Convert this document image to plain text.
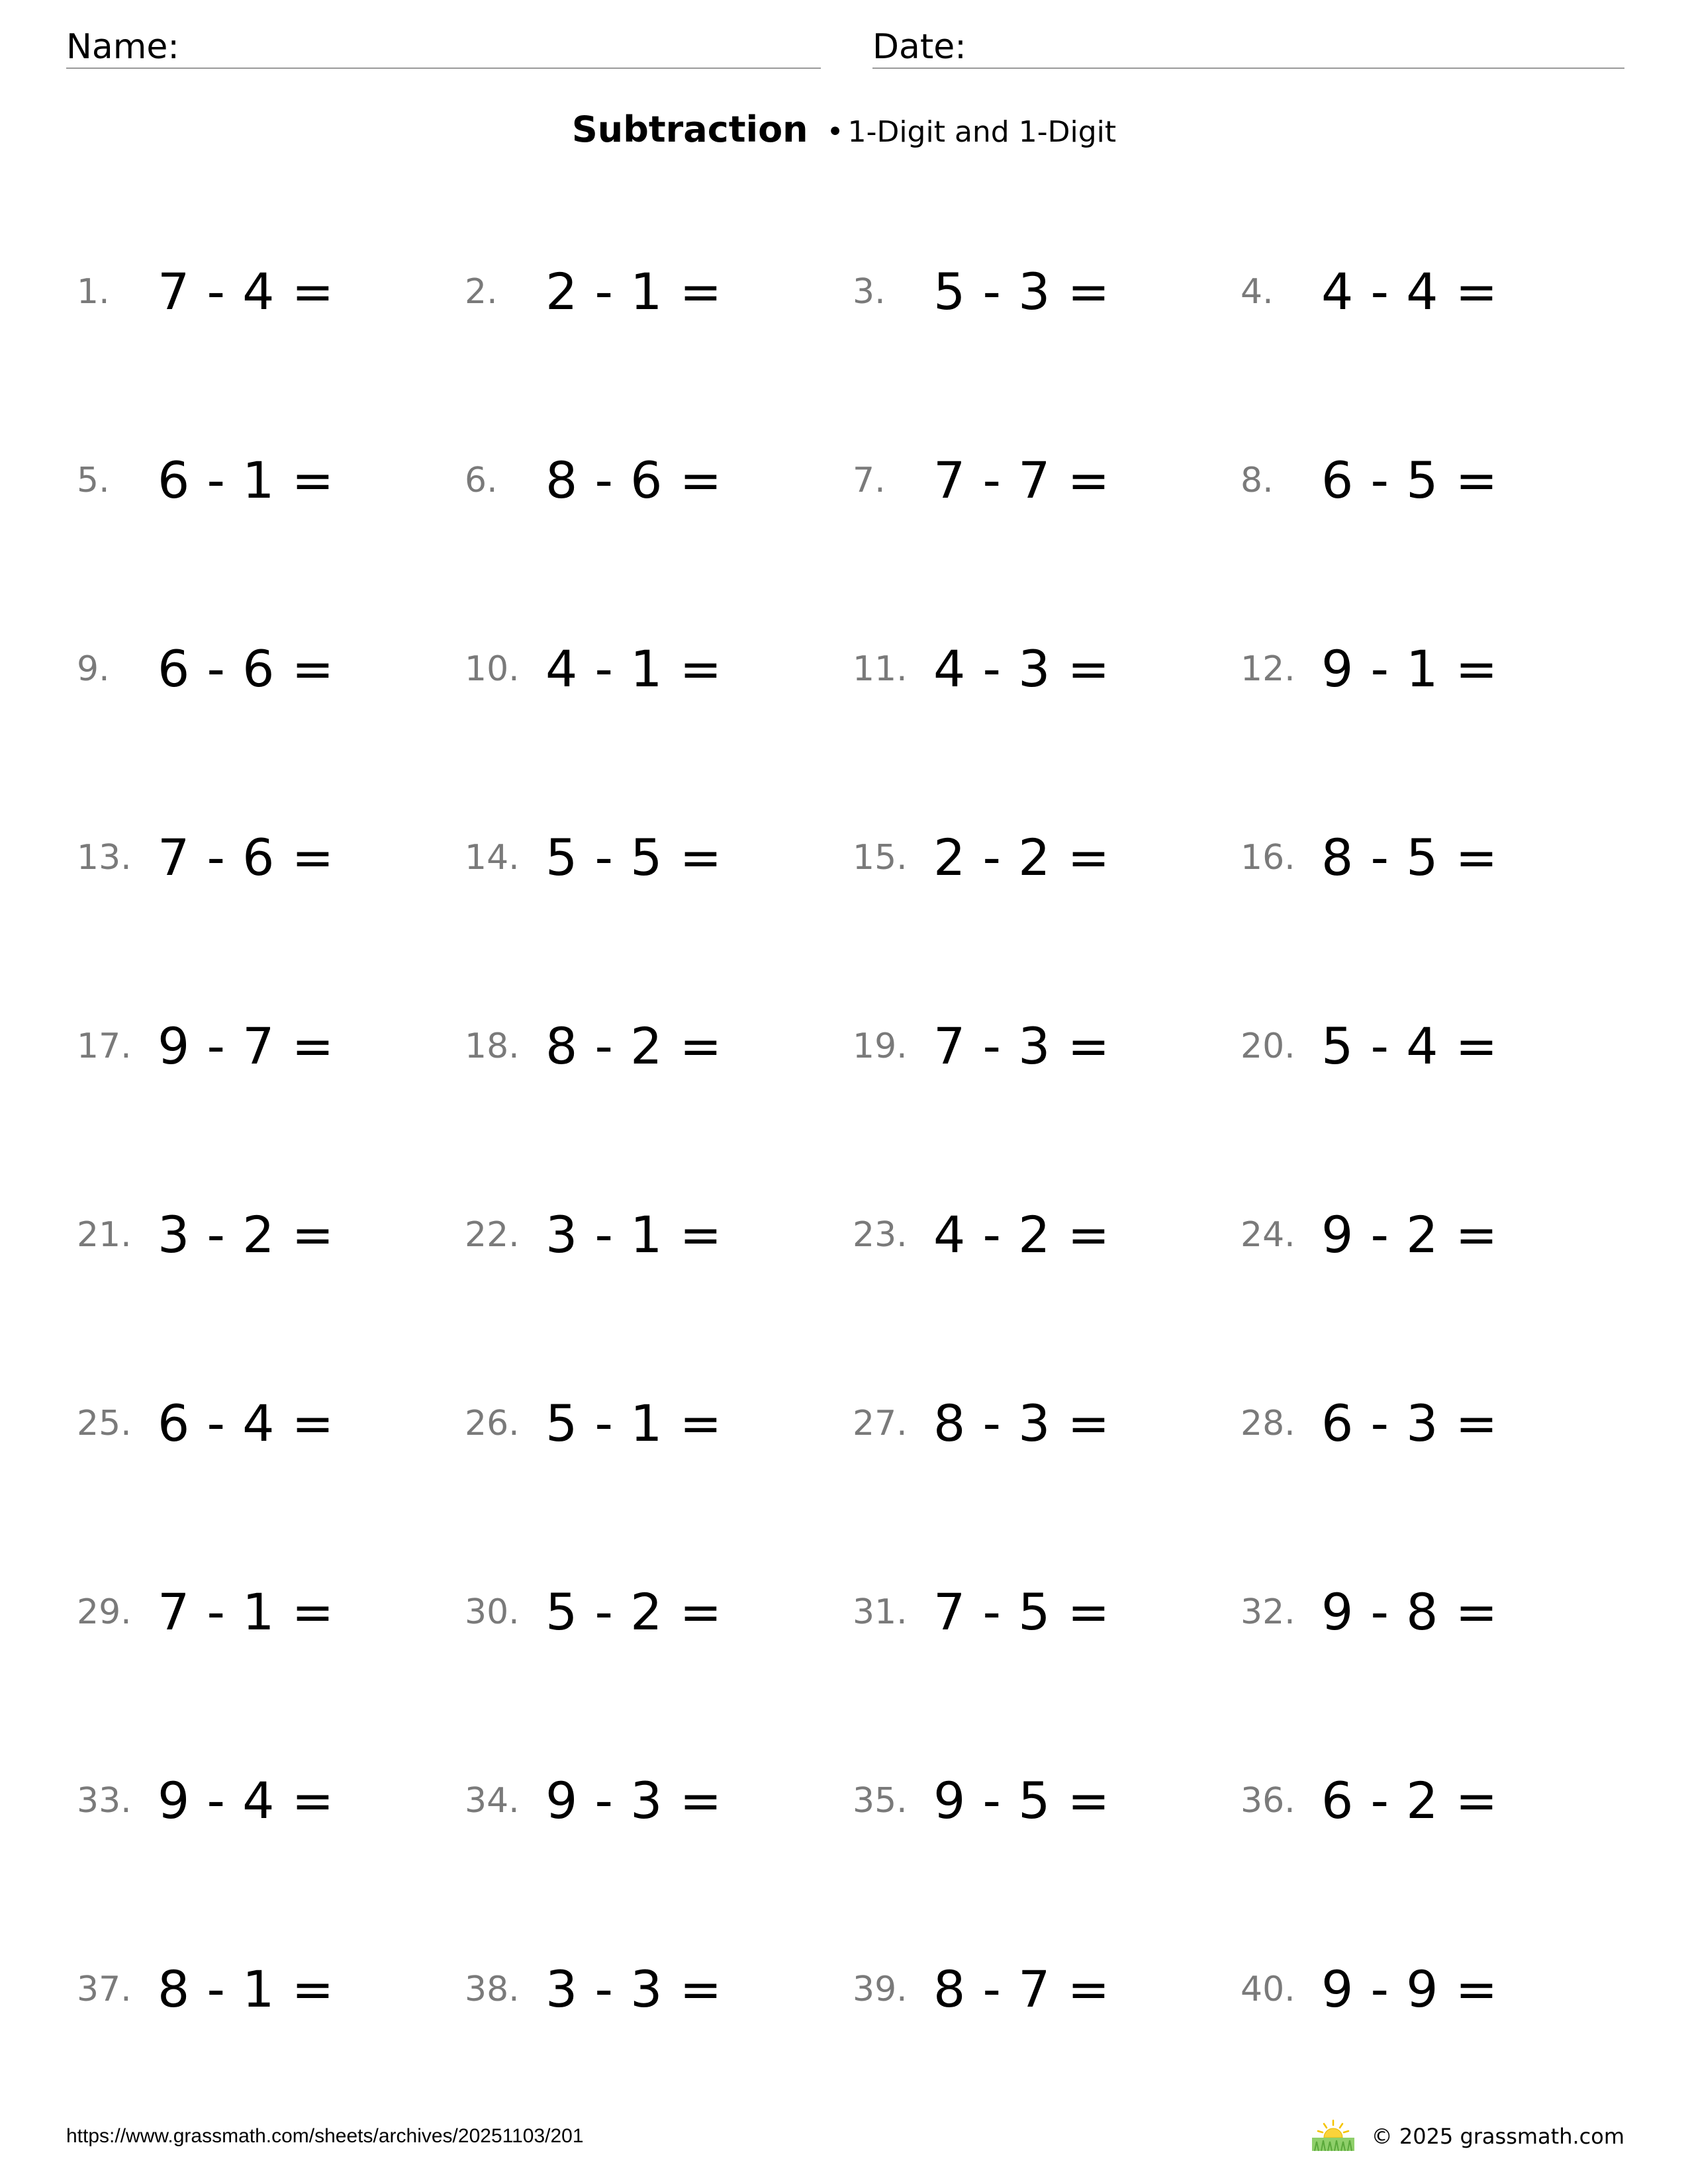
Name:	Date:
Subtraction • 1-Digit and 1-Digit
1. 7 - 4 =	2. 2 - 1 =	3. 5 - 3 =	4. 4 - 4 =
5. 6 - 1 =	6. 8 - 6 =	7. 7 - 7 =	8. 6 - 5 =
9. 6 - 6 =	10. 4 - 1 =	11. 4 - 3 =	12. 9 - 1 =
13. 7 - 6 =	14. 5 - 5 =	15. 2 - 2 =	16. 8 - 5 =
17. 9 - 7 =	18. 8 - 2 =	19. 7 - 3 =	20. 5 - 4 =
21. 3 - 2 =	22. 3 - 1 =	23. 4 - 2 =	24. 9 - 2 =
25. 6 - 4 =	26. 5 - 1 =	27. 8 - 3 =	28. 6 - 3 =
29. 7 - 1 =	30. 5 - 2 =	31. 7 - 5 =	32. 9 - 8 =
33. 9 - 4 =	34. 9 - 3 =	35. 9 - 5 =	36. 6 - 2 =
37. 8 - 1 =	38. 3 - 3 =	39. 8 - 7 =	40. 9 - 9 =
https://www.grassmath.com/sheets/archives/20251103/201	© 2025 grassmath.com
